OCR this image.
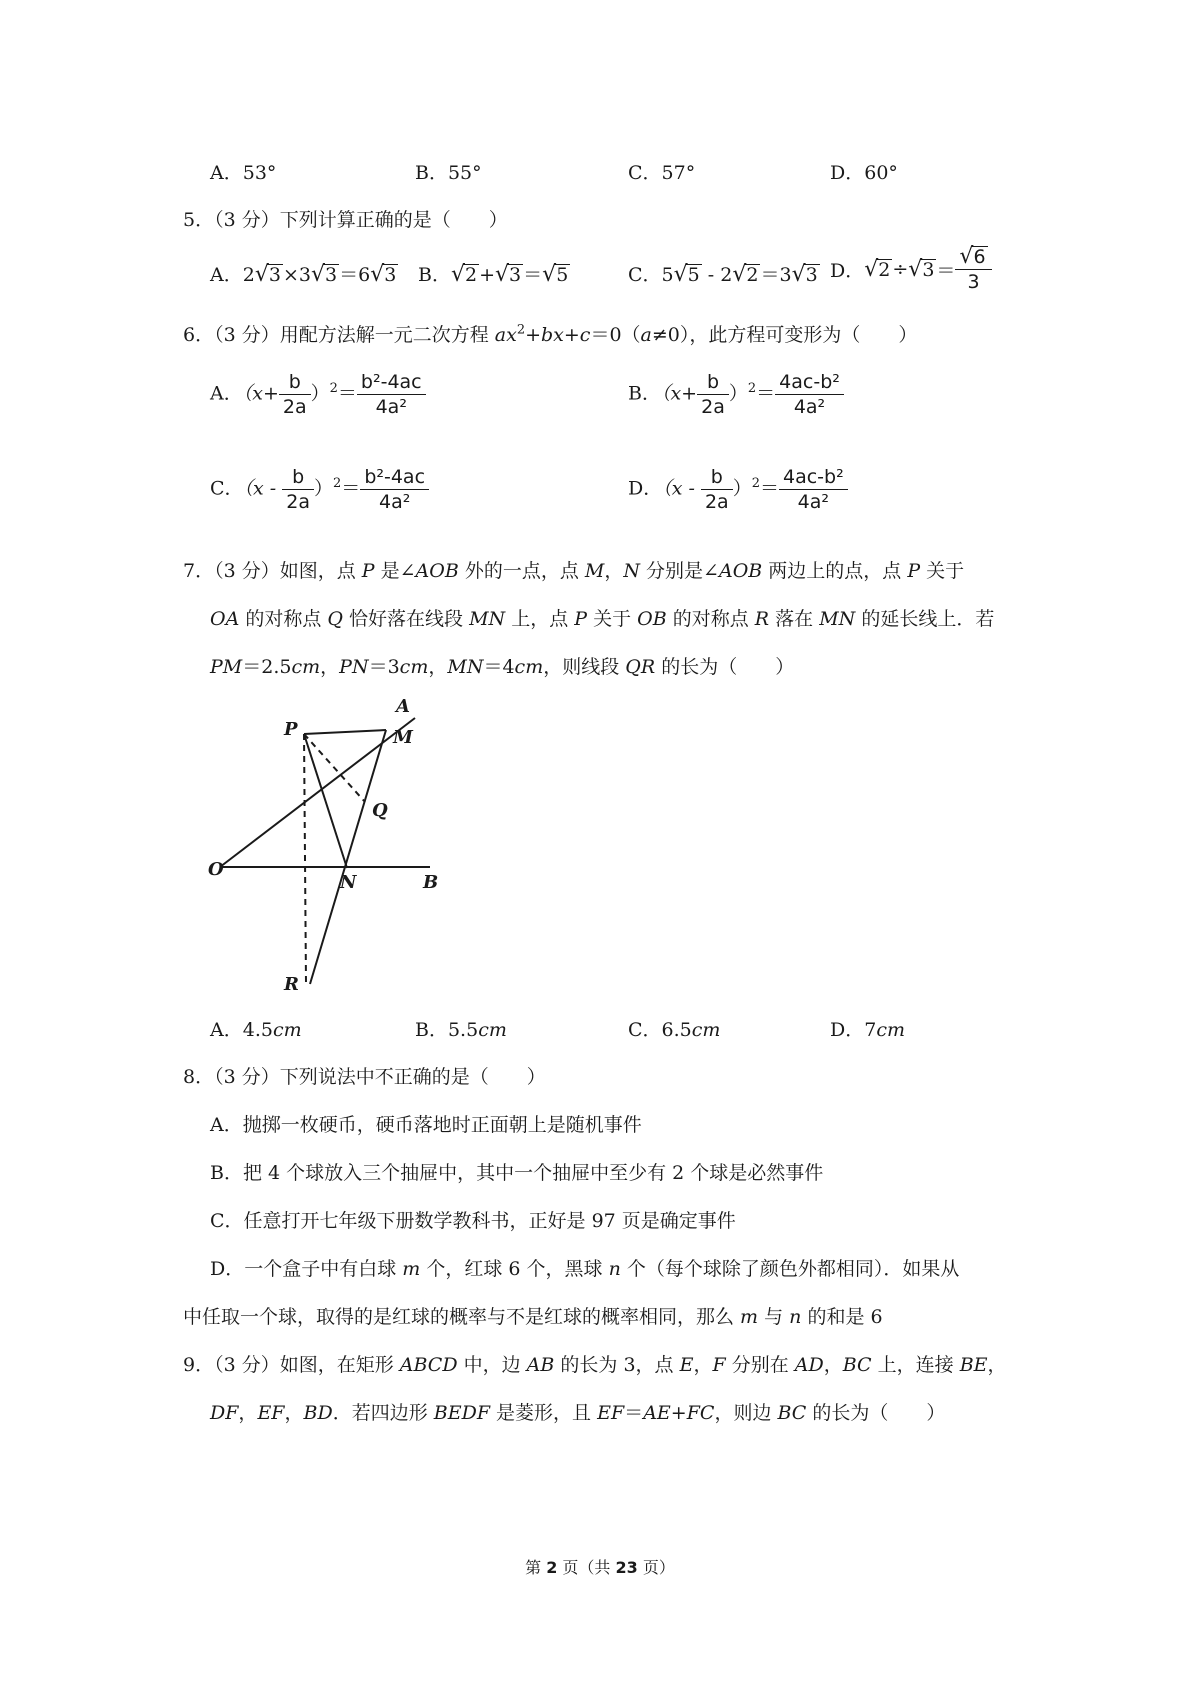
A．53°	B．55°	C．57°	D．60°
5．（3 分）下列计算正确的是（　　）
A．2√3 ×3√3 ＝6√3 B．√2 +√3 ＝√5	C．5√5 - 2√2 ＝3√3 D．$√2 \div√3 = \frac{√6}{3}$
6．（3 分）用配方法解一元二次方程 $ax^2+bx+c=0(a\ne 0)$，此方程可变形为（　　）
A．$(x+ \frac{b}{2a} )^2= \frac{\text{b²-4ac}}{\text{4a²}}$	B．$(x+ \frac{b}{2a} )^2= \frac{\text{4ac-b²}}{\text{4a²}}$
C．$(x - \frac{b}{2a} )^2= \frac{\text{b²-4ac}}{\text{4a²}}$	D．$(x - \frac{b}{2a} )^2= \frac{\text{4ac-b²}}{\text{4a²}}$
7．（3 分）如图，点 P 是∠AOB 外的一点，点 M，N 分别是∠AOB 两边上的点，点 P 关于
OA 的对称点 Q 恰好落在线段 MN 上，点 P 关于 OB 的对称点 R 落在 MN 的延长线上．若
PM＝2.5cm，PN＝3cm，MN＝4cm，则线段 QR 的长为（　　）
A
M
P
Q
O
N	B
R
A．4.5cm	B．5.5cm	C．6.5cm	D．7cm
8．（3 分）下列说法中不正确的是（　　）
A．抛掷一枚硬币，硬币落地时正面朝上是随机事件
B．把 4 个球放入三个抽屉中，其中一个抽屉中至少有 2 个球是必然事件
C．任意打开七年级下册数学教科书，正好是 97 页是确定事件
D．一个盒子中有白球 m 个，红球 6 个，黑球 n 个（每个球除了颜色外都相同）．如果从
中任取一个球，取得的是红球的概率与不是红球的概率相同，那么 m 与 n 的和是 6
9．（3 分）如图，在矩形 ABCD 中，边 AB 的长为 3，点 E，F 分别在 AD，BC 上，连接 BE，
DF，EF，BD．若四边形 BEDF 是菱形，且 EF＝AE+FC，则边 BC 的长为（　　）
第 2 页（共 23 页）
